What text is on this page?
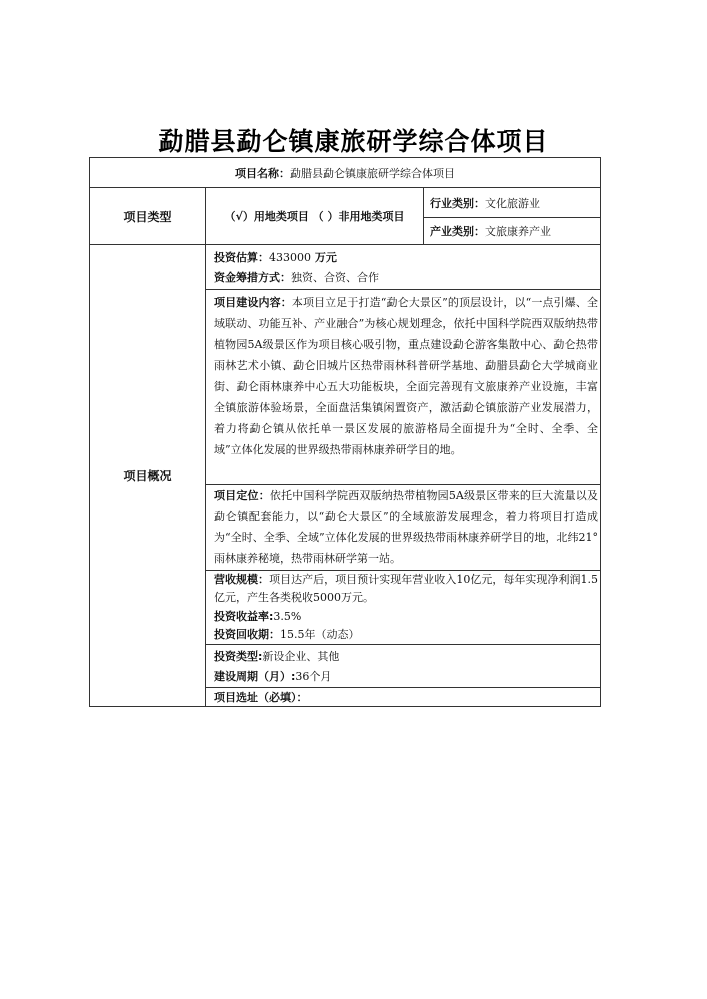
勐腊县勐仑镇康旅研学综合体项目
项目名称： 勐腊县勐仑镇康旅研学综合体项目
项目类型	（√）用地类项目 （ ）非用地类项目
行业类别： 文化旅游业
产业类别： 文旅康养产业
项目概况
投资估算：433000 万元
资金筹措方式：独资、合资、合作
项目建设内容：本项目立足于打造“勐仑大景区”的顶层设计，以“一点引爆、全域联动、功能互补、产业融合”为核心规划理念，依托中国科学院西双版纳热带植物园5A级景区作为项目核心吸引物，重点建设勐仑游客集散中心、勐仑热带雨林艺术小镇、勐仑旧城片区热带雨林科普研学基地、勐腊县勐仑大学城商业街、勐仑雨林康养中心五大功能板块，全面完善现有文旅康养产业设施，丰富全镇旅游体验场景，全面盘活集镇闲置资产，激活勐仑镇旅游产业发展潜力，着力将勐仑镇从依托单一景区发展的旅游格局全面提升为“全时、全季、全域”立体化发展的世界级热带雨林康养研学目的地。
项目定位：依托中国科学院西双版纳热带植物园5A级景区带来的巨大流量以及勐仑镇配套能力，以“勐仑大景区”的全域旅游发展理念，着力将项目打造成为“全时、全季、全域”立体化发展的世界级热带雨林康养研学目的地，北纬21°雨林康养秘境，热带雨林研学第一站。
营收规模：项目达产后，项目预计实现年营业收入10亿元，每年实现净利润1.5亿元，产生各类税收5000万元。
投资收益率:3.5%
投资回收期：15.5年（动态）
投资类型:新设企业、其他
建设周期（月）:36个月
项目选址（必填）：
